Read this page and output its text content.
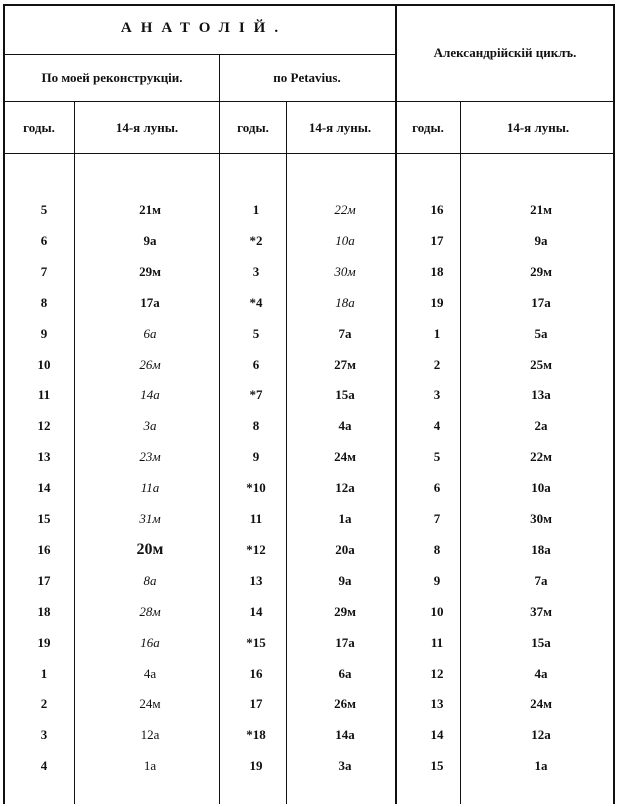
АНАТОЛІЙ.
По моей реконструкціи.	по Petavius.
Александрійскій циклъ.
годы.	14-я луны.	годы.	14-я луны.	годы.	14-я луны.
5	21м	1	22м	16	21м
6	9а	*2	10а	17	9а
7	29м	3	30м	18	29м
8	17а	*4	18а	19	17а
9	6а	5	7а	1	5а
10	26м	6	27м	2	25м
11	14а	*7	15а	3	13а
12	3а	8	4а	4	2а
13	23м	9	24м	5	22м
14	11а	*10	12а	6	10а
15	31м	11	1а	7	30м
16	20м	*12	20а	8	18а
17	8а	13	9а	9	7а
18	28м	14	29м	10	37м
19	16а	*15	17а	11	15а
1	4а	16	6а	12	4а
2	24м	17	26м	13	24м
3	12а	*18	14а	14	12а
4	1а	19	3а	15	1а
